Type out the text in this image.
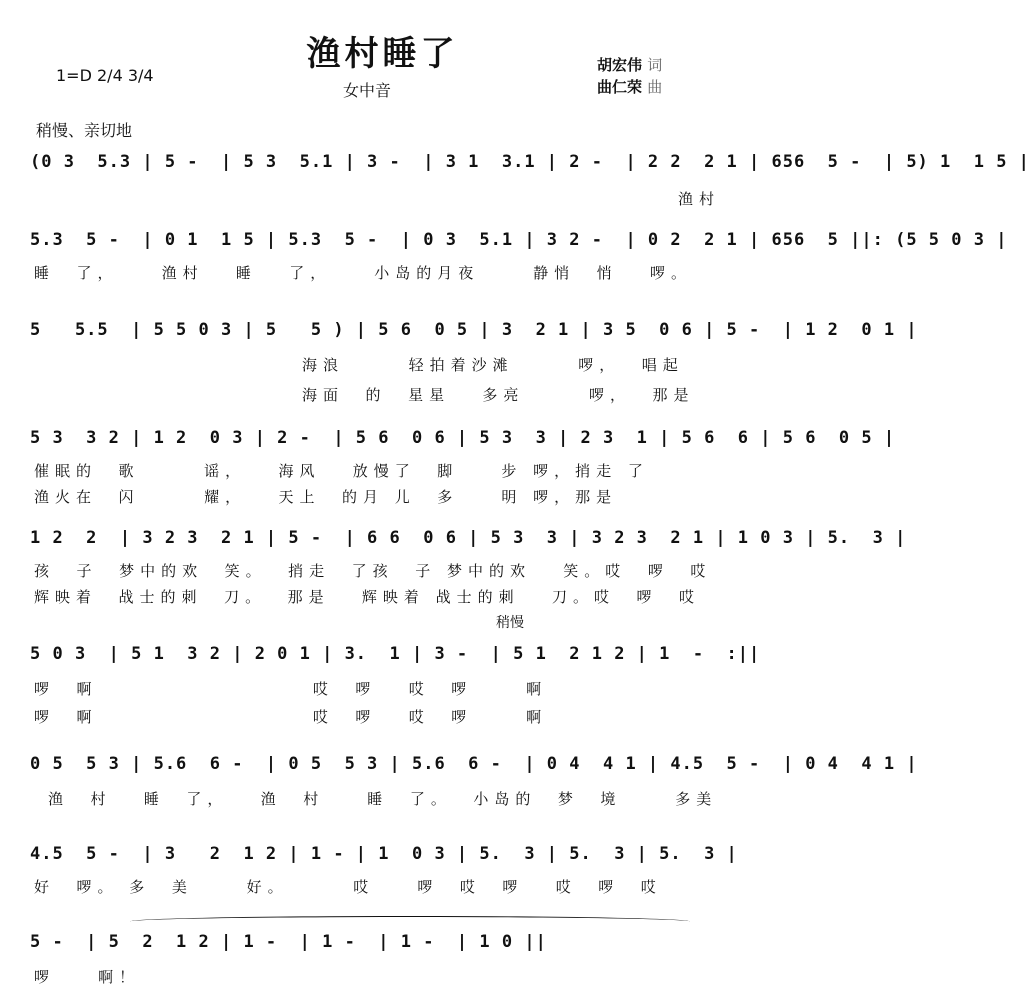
渔村睡了
1=D 2/4 3/4
女中音
胡宏伟 词
曲仁荣 曲
稍慢、亲切地
(0 3  5.3 | 5 -  | 5 3  5.1 | 3 -  | 3 1  3.1 | 2 -  | 2 2  2 1 | 656  5 -  | 5) 1  1 5 |
渔村
5.3  5 -  | 0 1  1 5 | 5.3  5 -  | 0 3  5.1 | 3 2 -  | 0 2  2 1 | 656  5 ||: (5 5 0 3 |
睡  了，    渔村   睡   了，    小岛的月夜     静悄  悄   啰。
5   5.5  | 5 5 0 3 | 5   5 ) | 5 6  0 5 | 3  2 1 | 3 5  0 6 | 5 -  | 1 2  0 1 |
海浪      轻拍着沙滩      啰，  唱起
海面  的  星星   多亮      啰，  那是
5 3  3 2 | 1 2  0 3 | 2 -  | 5 6  0 6 | 5 3  3 | 2 3  1 | 5 6  6 | 5 6  0 5 |
催眠的  歌      谣，   海风   放慢了  脚    步 啰，捎走 了
渔火在  闪      耀，   天上  的月 儿  多    明 啰，那是
1 2  2  | 3 2 3  2 1 | 5 -  | 6 6  0 6 | 5 3  3 | 3 2 3  2 1 | 1 0 3 | 5.  3 |
孩  子  梦中的欢  笑。  捎走  了孩  子 梦中的欢   笑。哎  啰  哎
辉映着  战士的刺  刀。  那是   辉映着 战士的刺   刀。哎  啰  哎
稍慢
5 0 3  | 5 1  3 2 | 2 0 1 | 3.  1 | 3 -  | 5 1  2 1 2 | 1  -  :||
啰  啊                    哎  啰   哎  啰     啊
啰  啊                    哎  啰   哎  啰     啊
0 5  5 3 | 5.6  6 -  | 0 5  5 3 | 5.6  6 -  | 0 4  4 1 | 4.5  5 -  | 0 4  4 1 |
渔  村   睡  了，   渔  村    睡  了。  小岛的  梦  境     多美
4.5  5 -  | 3   2  1 2 | 1 - | 1  0 3 | 5.  3 | 5.  3 | 5.  3 |
好  啰。 多  美     好。      哎    啰  哎  啰   哎  啰  哎
5 -  | 5  2  1 2 | 1 -  | 1 -  | 1 -  | 1 0 ||
啰    啊！
